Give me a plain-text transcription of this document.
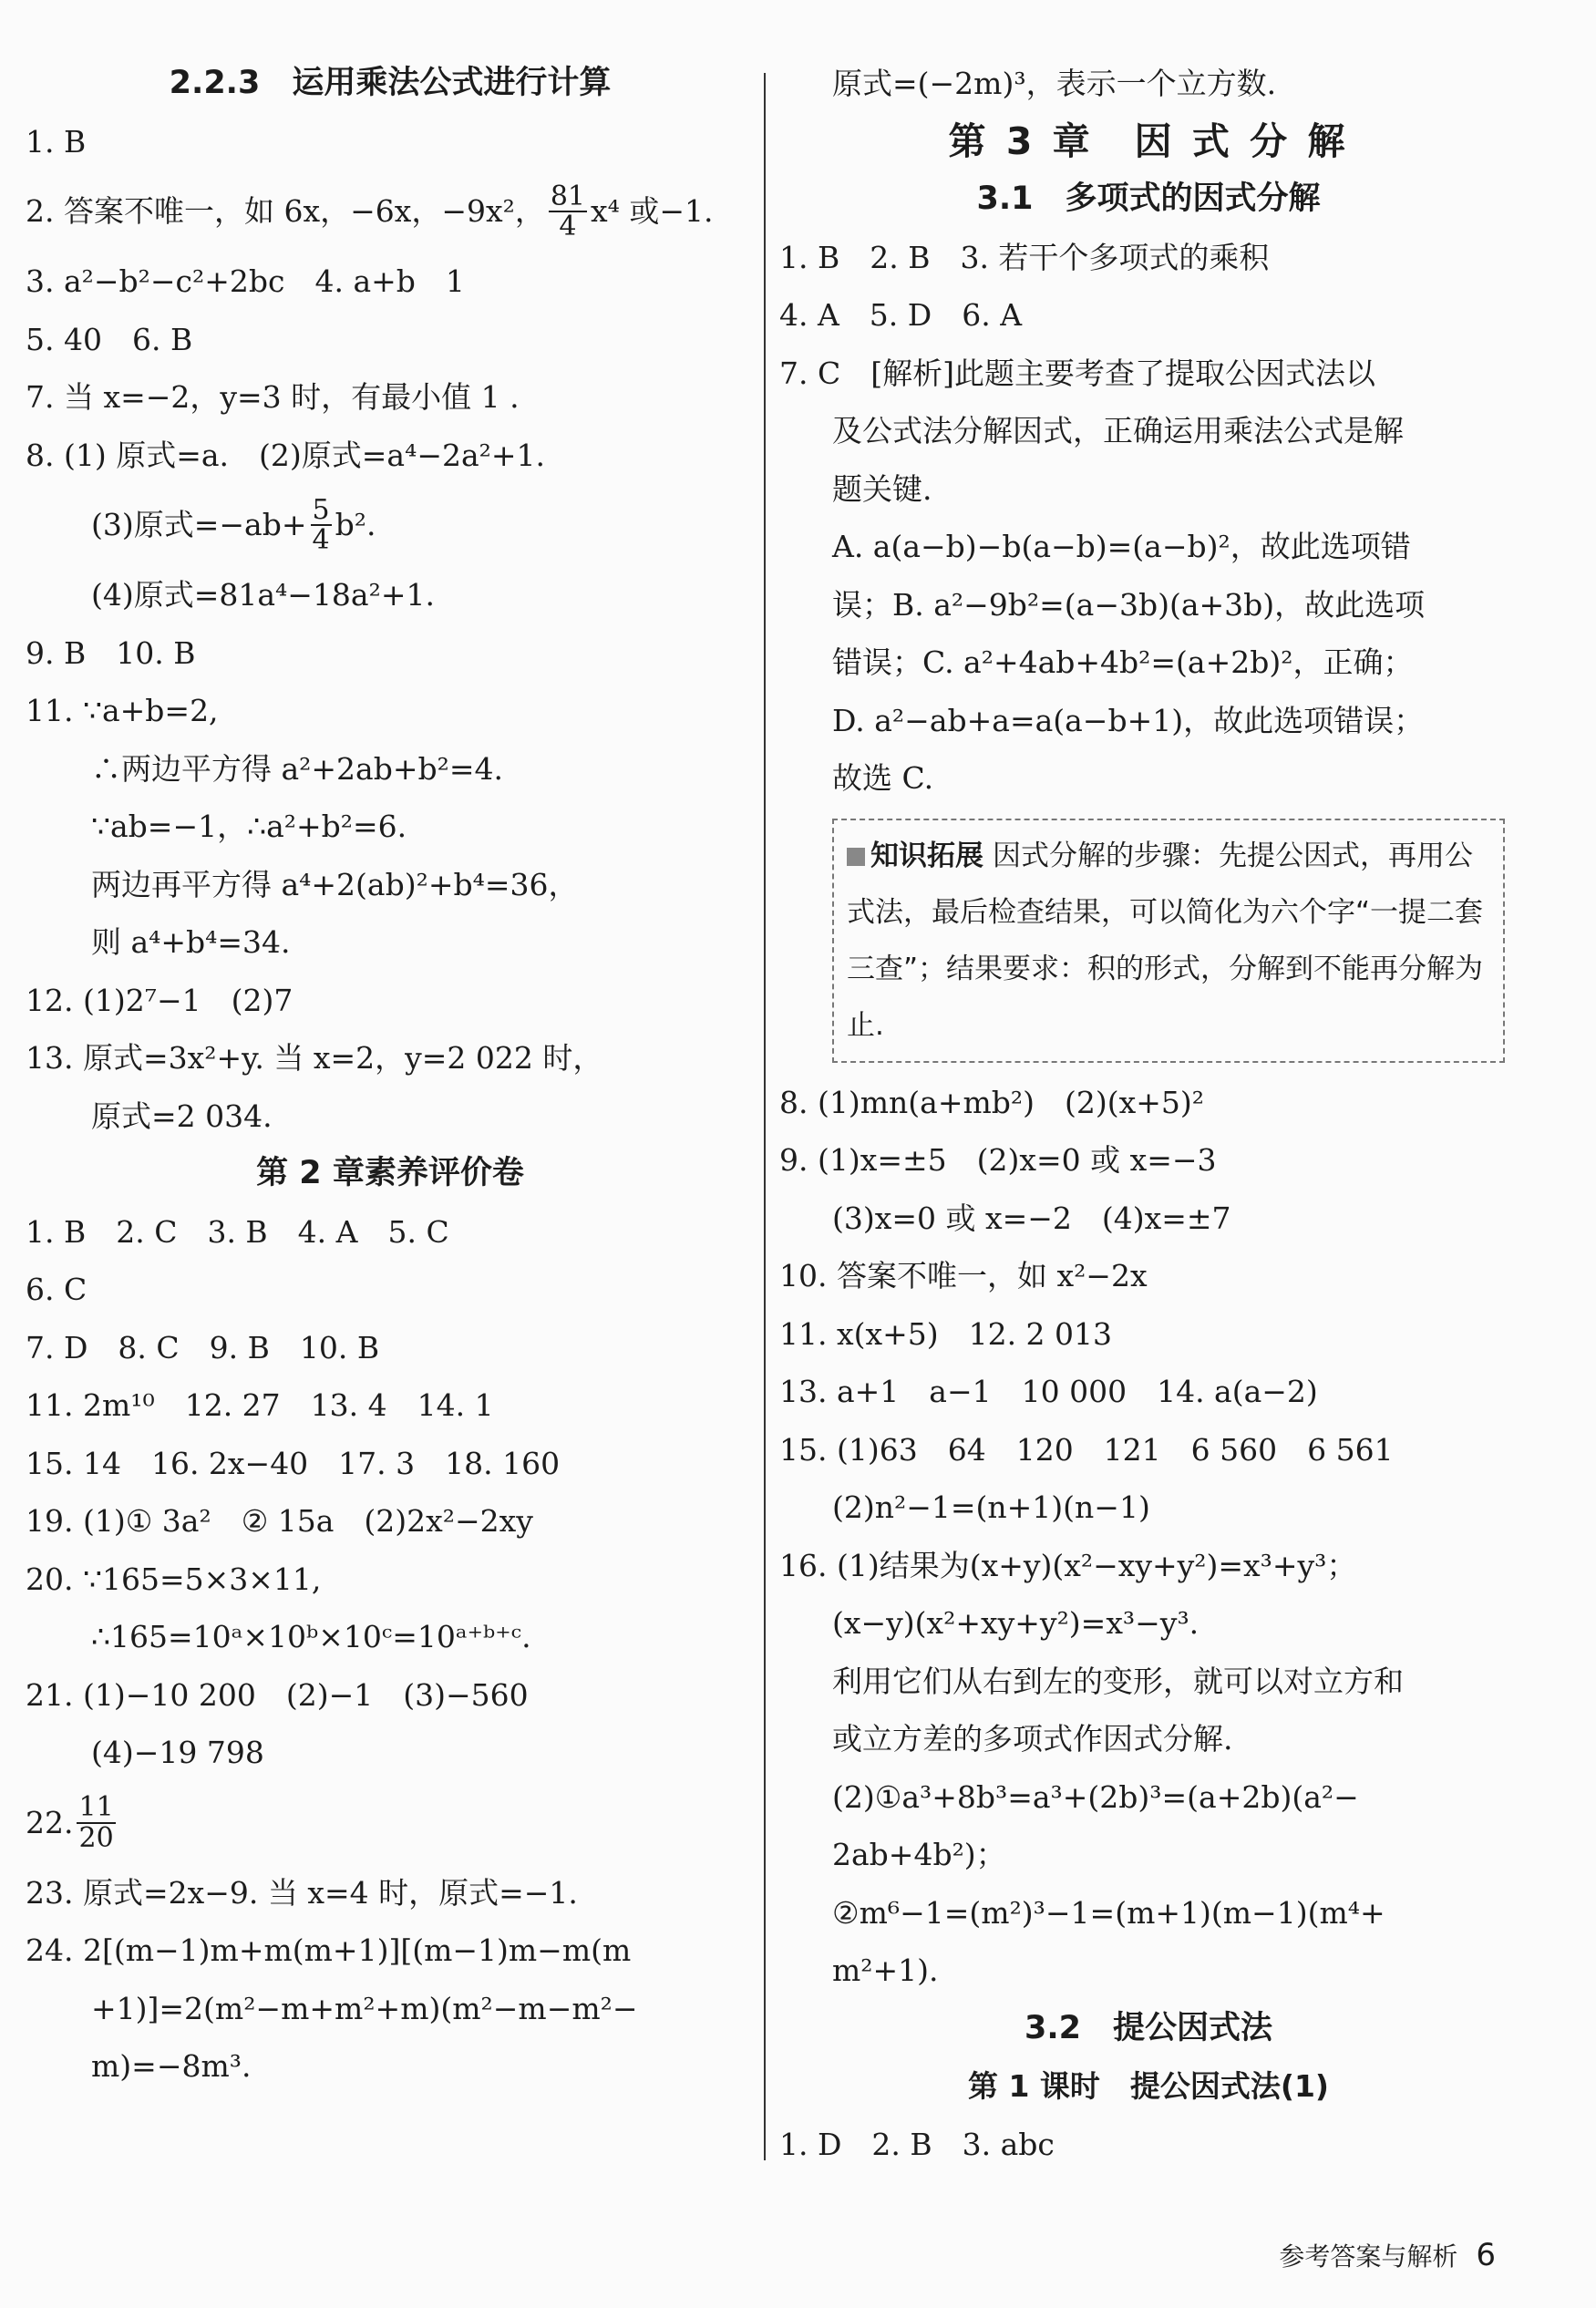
2.2.3　运用乘法公式进行计算
1. B
2. 答案不唯一，如 6x，−6x，−9x²， $\frac{81}{4} x^4$ 或−1.
3. a²−b²−c²+2bc　4. a+b　1
5. 40　6. B
7. 当 x=−2，y=3 时，有最小值 1 .
8. (1) 原式=a.　(2)原式=a⁴−2a²+1.
(3)原式$=-ab+ \frac{5}{4} b^2$.
(4)原式=81a⁴−18a²+1.
9. B　10. B
11. ∵a+b=2,
∴两边平方得 a²+2ab+b²=4.
∵ab=−1，∴a²+b²=6.
两边再平方得 a⁴+2(ab)²+b⁴=36，
则 a⁴+b⁴=34.
12. (1)2⁷−1　(2)7
13. 原式=3x²+y. 当 x=2，y=2 022 时，
原式=2 034.
第 2 章素养评价卷
1. B　2. C　3. B　4. A　5. C
6. C
7. D　8. C　9. B　10. B
11. 2m¹⁰　12. 27　13. 4　14. 1
15. 14　16. 2x−40　17. 3　18. 160
19. (1)① 3a²　② 15a　(2)2x²−2xy
20. ∵165=5×3×11,
∴165=10ᵃ×10ᵇ×10ᶜ=10ᵃ⁺ᵇ⁺ᶜ.
21. (1)−10 200　(2)−1　(3)−560
(4)−19 798
22. $\frac{11}{20}$
23. 原式=2x−9. 当 x=4 时，原式=−1.
24. 2[(m−1)m+m(m+1)][(m−1)m−m(m
+1)]=2(m²−m+m²+m)(m²−m−m²−
m)=−8m³.
原式=(−2m)³，表示一个立方数.
第 3 章　因 式 分 解
3.1　多项式的因式分解
1. B　2. B　3. 若干个多项式的乘积
4. A　5. D　6. A
7. C　[解析]此题主要考查了提取公因式法以
及公式法分解因式，正确运用乘法公式是解
题关键.
A. a(a−b)−b(a−b)=(a−b)²，故此选项错
误；B. a²−9b²=(a−3b)(a+3b)，故此选项
错误；C. a²+4ab+4b²=(a+2b)²，正确；
D. a²−ab+a=a(a−b+1)，故此选项错误；
故选 C.
知识拓展 因式分解的步骤：先提公因式，再用公式法，最后检查结果，可以简化为六个字“一提二套三查”；结果要求：积的形式，分解到不能再分解为止.
8. (1)mn(a+mb²)　(2)(x+5)²
9. (1)x=±5　(2)x=0 或 x=−3
(3)x=0 或 x=−2　(4)x=±7
10. 答案不唯一，如 x²−2x
11. x(x+5)　12. 2 013
13. a+1　a−1　10 000　14. a(a−2)
15. (1)63　64　120　121　6 560　6 561
(2)n²−1=(n+1)(n−1)
16. (1)结果为(x+y)(x²−xy+y²)=x³+y³；
(x−y)(x²+xy+y²)=x³−y³.
利用它们从右到左的变形，就可以对立方和
或立方差的多项式作因式分解.
(2)①a³+8b³=a³+(2b)³=(a+2b)(a²−
2ab+4b²)；
②m⁶−1=(m²)³−1=(m+1)(m−1)(m⁴+
m²+1).
3.2　提公因式法
第 1 课时　提公因式法(1)
1. D　2. B　3. abc
参考答案与解析 6
